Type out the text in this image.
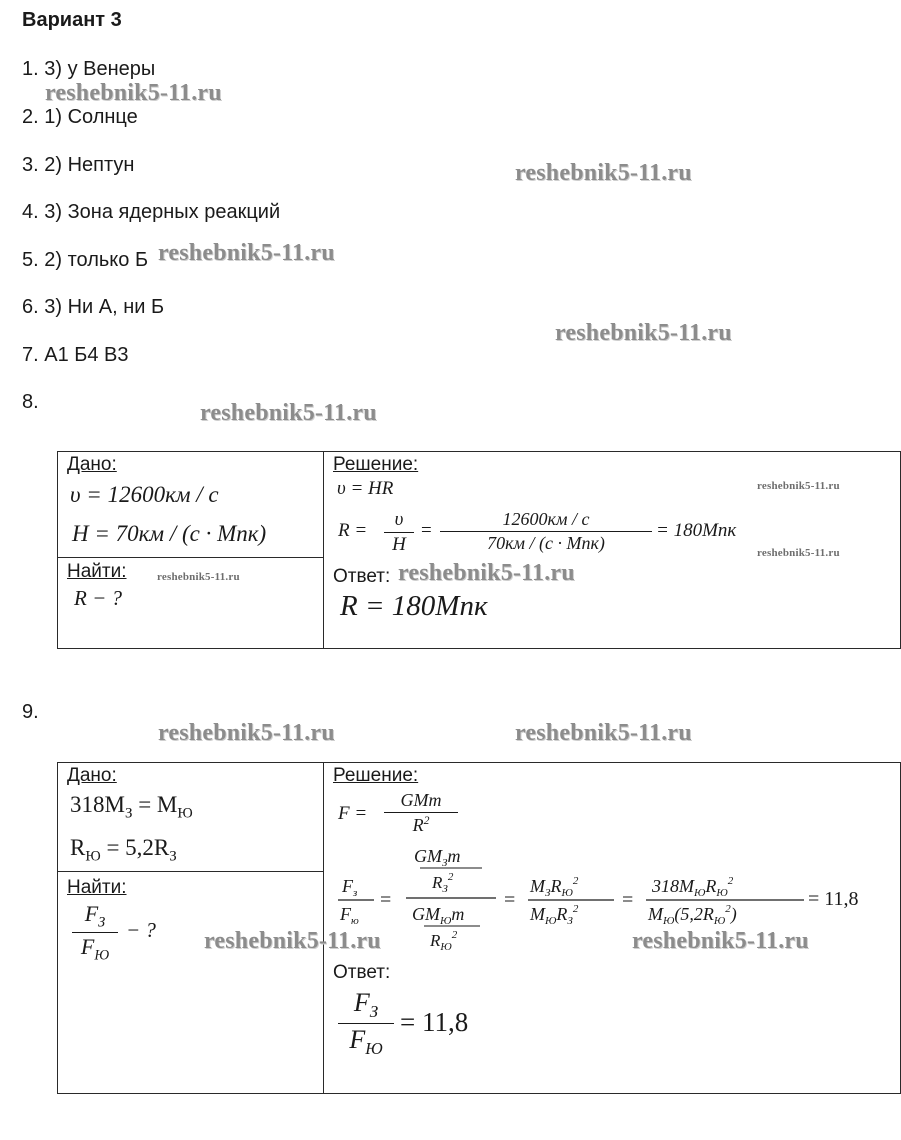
Вариант 3
1. 3) у Венеры
2. 1) Солнце
3. 2) Нептун
4. 3) Зона ядерных реакций
5. 2) только Б
6. 3) Ни А, ни Б
7. А1 Б4 В3
8.
9.
reshebnik5-11.ru
reshebnik5-11.ru
reshebnik5-11.ru
reshebnik5-11.ru
reshebnik5-11.ru
reshebnik5-11.ru	reshebnik5-11.ru
Дано:
υ = 12600км / с
H = 70км / (с · Мпк)
Найти:
R − ?
reshebnik5-11.ru
Решение:
υ = HR	reshebnik5-11.ru
R =
υ
H
=
12600км / с
70км / (с · Мпк)
= 180Мпк
reshebnik5-11.ru
Ответ: reshebnik5-11.ru
R = 180Мпк
Дано:
$318M_З = M_Ю$
$R_Ю = 5,2R_З$
Найти:
$F_З$
$F_Ю$
− ?
Решение:
F =
GMm
$R^2$
$F_з$
$F_ю$
=
$GM_Зm$
$R_З^2$
$GM_Юm$
$R_Ю^2$
=
$M_ЗR_Ю^2$
$M_ЮR_З^2$ =
$318M_ЮR_Ю^2$
$M_Ю(5,2R_Ю^2)$
= 11,8
reshebnik5-11.ru	reshebnik5-11.ru
Ответ:
$F_З$
$F_Ю$
= 11,8
